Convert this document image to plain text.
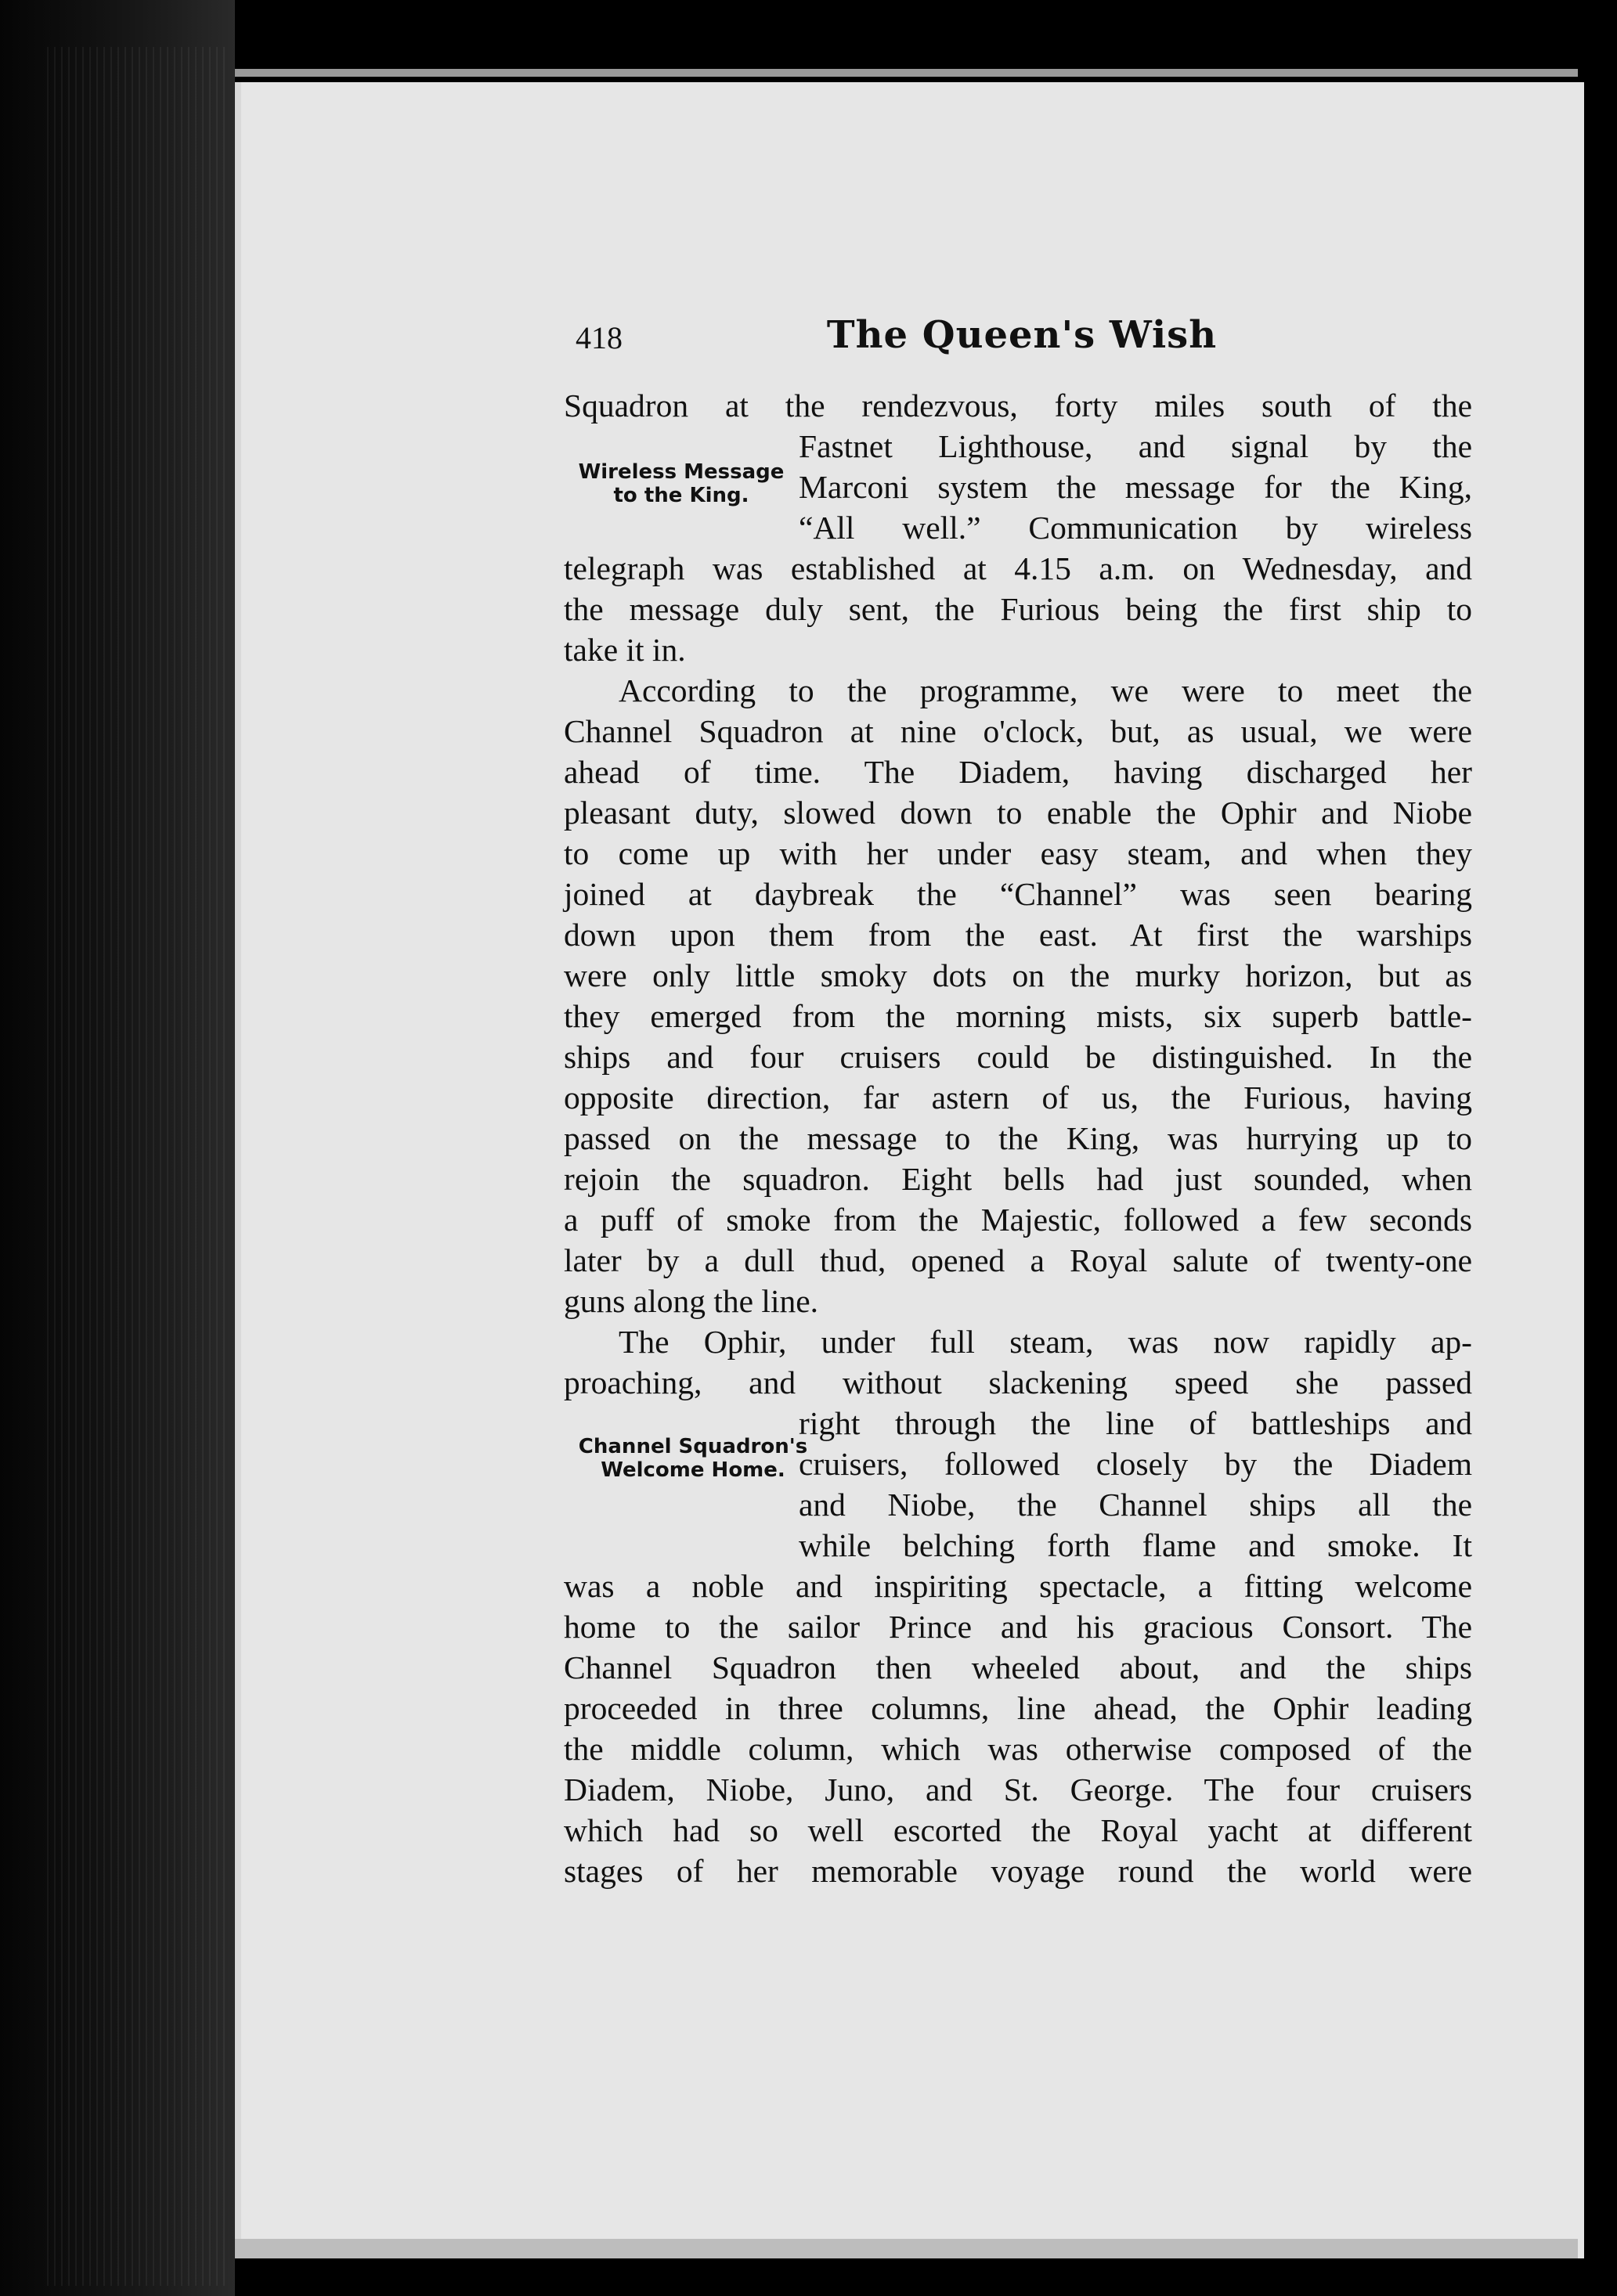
418	The Queen's Wish
Wireless Message to the King.
Channel Squadron's Welcome Home.
Squadron at the rendezvous, forty miles south of the
Fastnet Lighthouse, and signal by the
Marconi system the message for the King,
“All well.” Communication by wireless
telegraph was established at 4.15 a.m. on Wednesday, and
the message duly sent, the Furious being the first ship to
take it in.
According to the programme, we were to meet the
Channel Squadron at nine o'clock, but, as usual, we were
ahead of time. The Diadem, having discharged her
pleasant duty, slowed down to enable the Ophir and Niobe
to come up with her under easy steam, and when they
joined at daybreak the “Channel” was seen bearing
down upon them from the east. At first the warships
were only little smoky dots on the murky horizon, but as
they emerged from the morning mists, six superb battle-
ships and four cruisers could be distinguished. In the
opposite direction, far astern of us, the Furious, having
passed on the message to the King, was hurrying up to
rejoin the squadron. Eight bells had just sounded, when
a puff of smoke from the Majestic, followed a few seconds
later by a dull thud, opened a Royal salute of twenty-one
guns along the line.
The Ophir, under full steam, was now rapidly ap-
proaching, and without slackening speed she passed
right through the line of battleships and
cruisers, followed closely by the Diadem
and Niobe, the Channel ships all the
while belching forth flame and smoke. It
was a noble and inspiriting spectacle, a fitting welcome
home to the sailor Prince and his gracious Consort. The
Channel Squadron then wheeled about, and the ships
proceeded in three columns, line ahead, the Ophir leading
the middle column, which was otherwise composed of the
Diadem, Niobe, Juno, and St. George. The four cruisers
which had so well escorted the Royal yacht at different
stages of her memorable voyage round the world were
